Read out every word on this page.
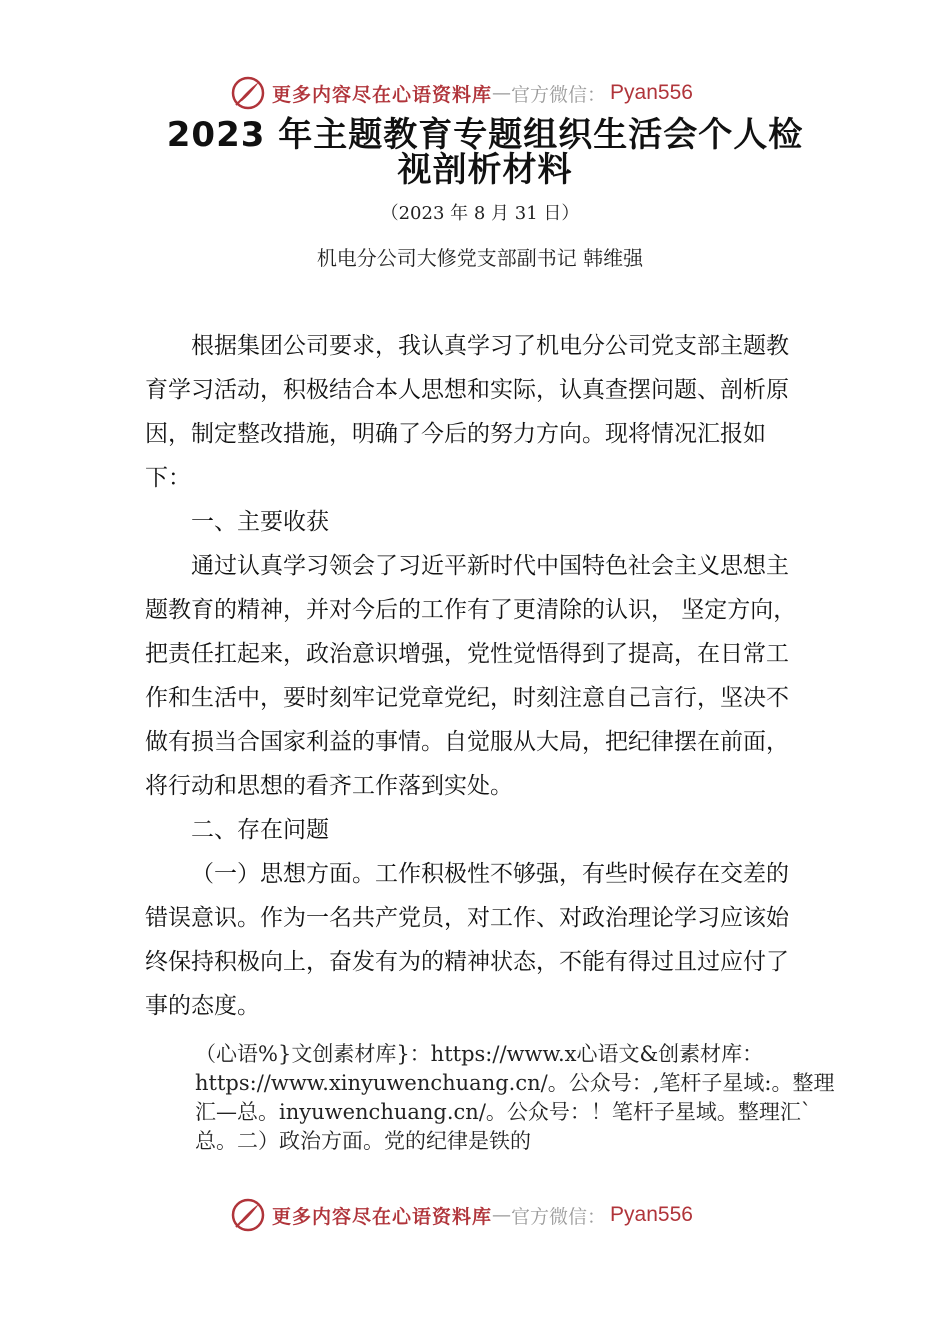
更多内容尽在心语资料库 — 官方微信： Pyan556
2023 年主题教育专题组织生活会个人检视剖析材料
（2023 年 8 月 31 日）
机电分公司大修党支部副书记 韩维强

根据集团公司要求，我认真学习了机电分公司党支部主题教育学习活动，积极结合本人思想和实际，认真查摆问题、剖析原因，制定整改措施，明确了今后的努力方向。现将情况汇报如下：

一、主要收获

通过认真学习领会了习近平新时代中国特色社会主义思想主题教育的精神，并对今后的工作有了更清除的认识， 坚定方向，把责任扛起来，政治意识增强，党性觉悟得到了提高，在日常工作和生活中，要时刻牢记党章党纪，时刻注意自己言行，坚决不做有损当合国家利益的事情。自觉服从大局，把纪律摆在前面，将行动和思想的看齐工作落到实处。

二、存在问题

（一）思想方面。工作积极性不够强，有些时候存在交差的错误意识。作为一名共产党员，对工作、对政治理论学习应该始终保持积极向上，奋发有为的精神状态，不能有得过且过应付了事的态度。

（心语%}文创素材库}：https://www.x心语文&创素材库：https://www.xinyuwenchuang.cn/。公众号：,笔杆子星域:。整理汇—总。inyuwenchuang.cn/。公众号：！笔杆子星域。整理汇`总。二）政治方面。党的纪律是铁的
更多内容尽在心语资料库 — 官方微信： Pyan556
